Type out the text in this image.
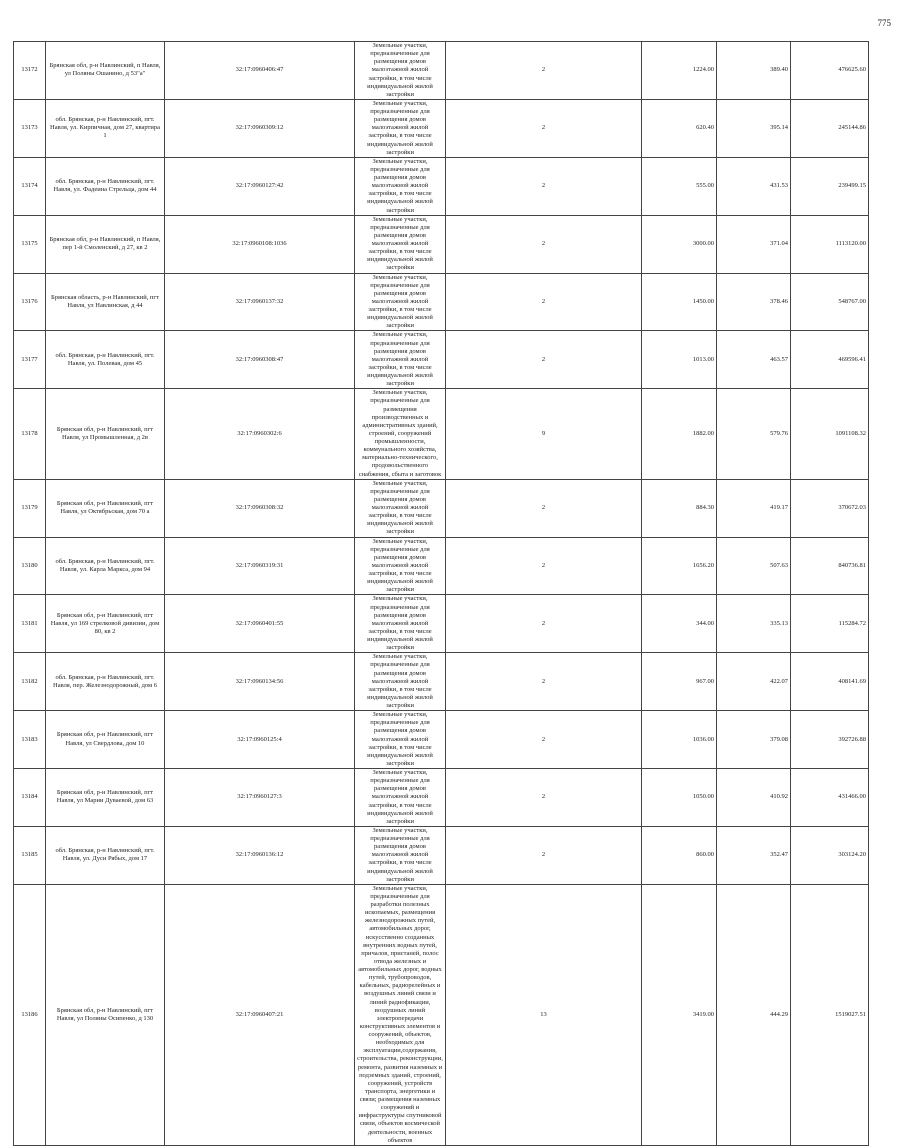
775
13172	Брянская обл, р-н Навлинский, п Навля, ул Поляны Ошанино, д 53"а"	32:17:0960406:47	Земельные участки, предназначенные для размещения домов малоэтажной жилой застройки, в том числе индивидуальной жилой застройки	2	1224.00	389.40	476625.60
13173	обл. Брянская, р-н Навлинский, пгт. Навля, ул. Кирпичная, дом 27, квартира 1	32:17:0960309:12	Земельные участки, предназначенные для размещения домов малоэтажной жилой застройки, в том числе индивидуальной жилой застройки	2	620.40	395.14	245144.86
13174	обл. Брянская, р-н Навлинский, пгт. Навля, ул. Фадеина Стрельца, дом 44	32:17:0960127:42	Земельные участки, предназначенные для размещения домов малоэтажной жилой застройки, в том числе индивидуальной жилой застройки	2	555.00	431.53	239499.15
13175	Брянская обл, р-н Навлинский, п Навля, пер 1-й Смоленский, д 27, кв 2	32:17:0960108:1036	Земельные участки, предназначенные для размещения домов малоэтажной жилой застройки, в том числе индивидуальной жилой застройки	2	3000.00	371.04	1113120.00
13176	Брянская область, р-н Навлинский, пгт Навля, ул Навлинская, д 44	32:17:0960137:32	Земельные участки, предназначенные для размещения домов малоэтажной жилой застройки, в том числе индивидуальной жилой застройки	2	1450.00	378.46	548767.00
13177	обл. Брянская, р-н Навлинский, пгт. Навля, ул. Полевая, дом 45	32:17:0960308:47	Земельные участки, предназначенные для размещения домов малоэтажной жилой застройки, в том числе индивидуальной жилой застройки	2	1013.00	463.57	469596.41
13178	Брянская обл, р-н Навлинский, пгт Навля, ул Промышленная, д 2в	32:17:0960302:6	Земельные участки, предназначенные для размещения производственных и административных зданий, строений, сооружений промышленности, коммунального хозяйства, материально-технического, продовольственного снабжения, сбыта и заготовок	9	1882.00	579.76	1091108.32
13179	Брянская обл, р-н Навлинский, пгт Навля, ул Октябрьская, дом 70 а	32:17:0960308:32	Земельные участки, предназначенные для размещения домов малоэтажной жилой застройки, в том числе индивидуальной жилой застройки	2	884.30	419.17	370672.03
13180	обл. Брянская, р-н Навлинский, пгт. Навля, ул. Карла Маркса, дом 94	32:17:0960319:31	Земельные участки, предназначенные для размещения домов малоэтажной жилой застройки, в том числе индивидуальной жилой застройки	2	1656.20	507.63	840736.81
13181	Брянская обл, р-н Навлинский, пгт Навля, ул 169 стрелковой дивизии, дом 80, кв 2	32:17:0960401:55	Земельные участки, предназначенные для размещения домов малоэтажной жилой застройки, в том числе индивидуальной жилой застройки	2	344.00	335.13	115284.72
13182	обл. Брянская, р-н Навлинский, пгт. Навля, пер. Железнодорожный, дом 6	32:17:0960134:56	Земельные участки, предназначенные для размещения домов малоэтажной жилой застройки, в том числе индивидуальной жилой застройки	2	967.00	422.07	408141.69
13183	Брянская обл, р-н Навлинский, пгт Навля, ул Свердлова, дом 10	32:17:0960125:4	Земельные участки, предназначенные для размещения домов малоэтажной жилой застройки, в том числе индивидуальной жилой застройки	2	1036.00	379.08	392726.88
13184	Брянская обл, р-н Навлинский, пгт Навля, ул Марии Дуваевой, дом 63	32:17:0960127:3	Земельные участки, предназначенные для размещения домов малоэтажной жилой застройки, в том числе индивидуальной жилой застройки	2	1050.00	410.92	431466.00
13185	обл. Брянская, р-н Навлинский, пгт. Навля, ул. Дуси Рябых, дом 17	32:17:0960136:12	Земельные участки, предназначенные для размещения домов малоэтажной жилой застройки, в том числе индивидуальной жилой застройки	2	860.00	352.47	303124.20
13186	Брянская обл, р-н Навлинский, пгт Навля, ул Поляны Осипенко, д 130	32:17:0960407:21	Земельные участки, предназначенные для разработки полезных ископаемых, размещения железнодорожных путей, автомобильных дорог, искусственно созданных внутренних водных путей, причалов, пристаней, полос отвода железных и автомобильных дорог, водных путей, трубопроводов, кабельных, радиорелейных и воздушных линий связи и линий радиофикации, воздушных линий электропередачи конструктивных элементов и сооружений, объектов, необходимых для эксплуатации,содержания, строительства, реконструкции, ремонта, развития наземных и подземных зданий, строений, сооружений, устройств транспорта, энергетики и связи; размещения наземных сооружений и инфраструктуры спутниковой связи, объектов космической деятельности, военных объектов	13	3419.00	444.29	1519027.51
